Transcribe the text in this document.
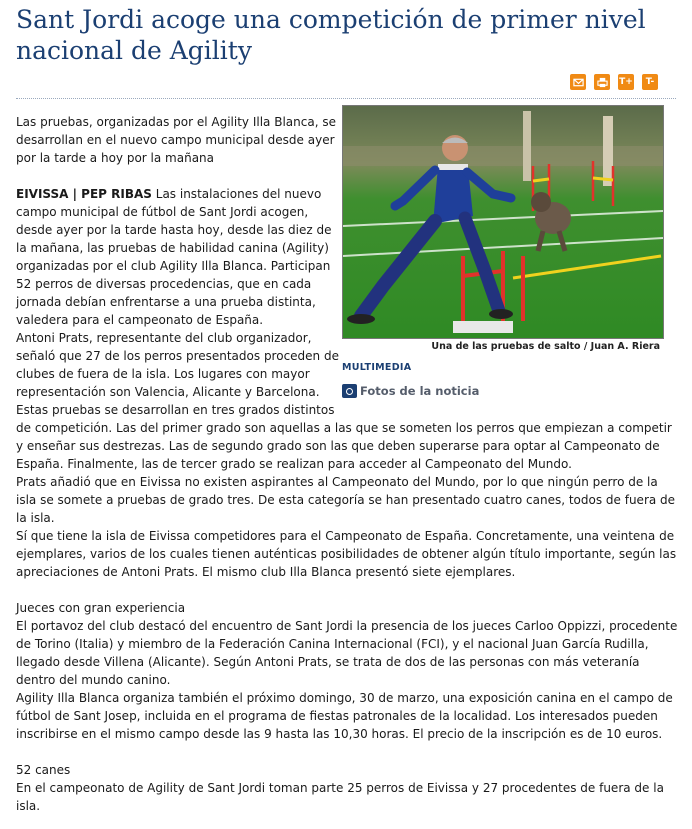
Sant Jordi acoge una competición de primer nivel nacional de Agility
T+ T-
Una de las pruebas de salto / Juan A. Riera
MULTIMEDIA
Fotos de la noticia

Las pruebas, organizadas por el Agility Illa Blanca, se desarrollan en el nuevo campo municipal desde ayer por la tarde a hoy por la mañana

EIVISSA | PEP RIBAS Las instalaciones del nuevo campo municipal de fútbol de Sant Jordi acogen, desde ayer por la tarde hasta hoy, desde las diez de la mañana, las pruebas de habilidad canina (Agility) organizadas por el club Agility Illa Blanca. Participan 52 perros de diversas procedencias, que en cada jornada debían enfrentarse a una prueba distinta, valedera para el campeonato de España.

Antoni Prats, representante del club organizador, señaló que 27 de los perros presentados proceden de clubes de fuera de la isla. Los lugares con mayor representación son Valencia, Alicante y Barcelona.

Estas pruebas se desarrollan en tres grados distintos de competición. Las del primer grado son aquellas a las que se someten los perros que empiezan a competir y enseñar sus destrezas. Las de segundo grado son las que deben superarse para optar al Campeonato de España. Finalmente, las de tercer grado se realizan para acceder al Campeonato del Mundo.

Prats añadió que en Eivissa no existen aspirantes al Campeonato del Mundo, por lo que ningún perro de la isla se somete a pruebas de grado tres. De esta categoría se han presentado cuatro canes, todos de fuera de la isla.

Sí que tiene la isla de Eivissa competidores para el Campeonato de España. Concretamente, una veintena de ejemplares, varios de los cuales tienen auténticas posibilidades de obtener algún título importante, según las apreciaciones de Antoni Prats. El mismo club Illa Blanca presentó siete ejemplares.

Jueces con gran experiencia

El portavoz del club destacó del encuentro de Sant Jordi la presencia de los jueces Carloo Oppizzi, procedente de Torino (Italia) y miembro de la Federación Canina Internacional (FCI), y el nacional Juan García Rudilla, llegado desde Villena (Alicante). Según Antoni Prats, se trata de dos de las personas con más veteranía dentro del mundo canino.

Agility Illa Blanca organiza también el próximo domingo, 30 de marzo, una exposición canina en el campo de fútbol de Sant Josep, incluida en el programa de fiestas patronales de la localidad. Los interesados pueden inscribirse en el mismo campo desde las 9 hasta las 10,30 horas. El precio de la inscripción es de 10 euros.

52 canes

En el campeonato de Agility de Sant Jordi toman parte 25 perros de Eivissa y 27 procedentes de fuera de la isla.
